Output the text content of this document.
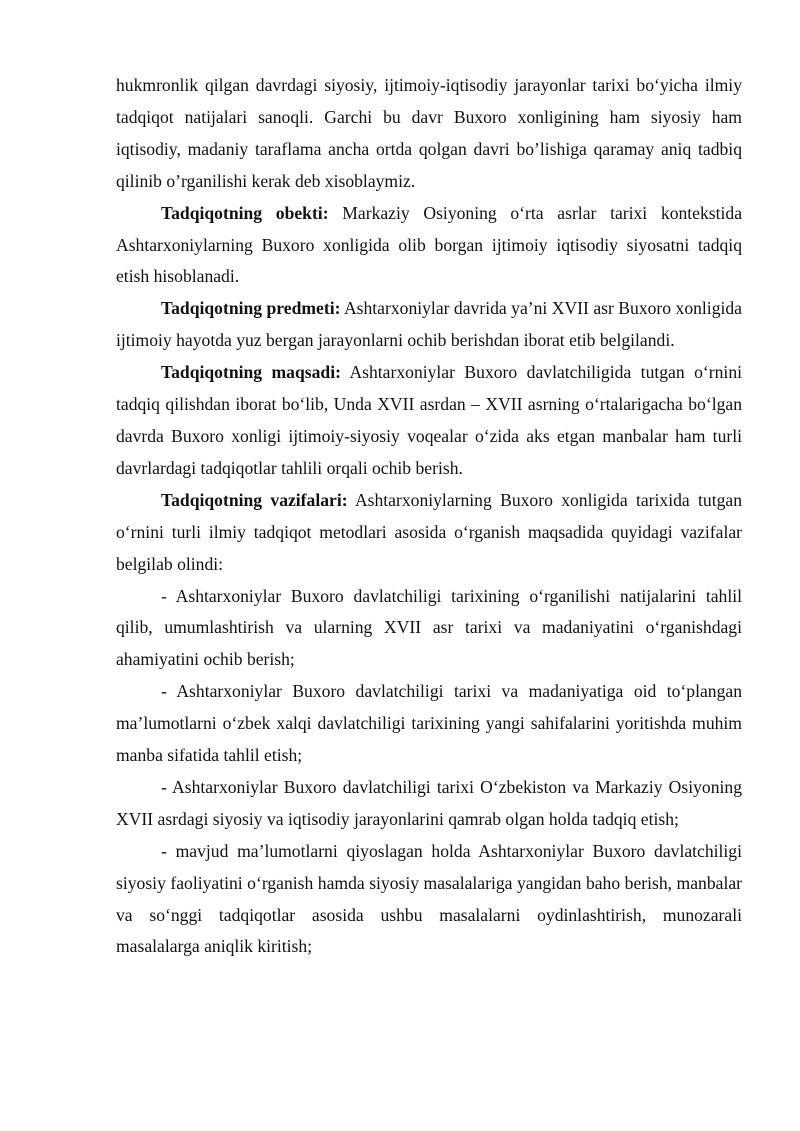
hukmronlik qilgan davrdagi siyosiy, ijtimoiy-iqtisodiy jarayonlar tarixi bo‘yicha ilmiy tadqiqot natijalari sanoqli. Garchi bu davr Buxoro xonligining ham siyosiy ham iqtisodiy, madaniy taraflama ancha ortda qolgan davri bo’lishiga qaramay aniq tadbiq qilinib o’rganilishi kerak deb xisoblaymiz.

Tadqiqotning obekti: Markaziy Osiyoning o‘rta asrlar tarixi kontekstida Ashtarxoniylarning Buxoro xonligida olib borgan ijtimoiy iqtisodiy siyosatni tadqiq etish hisoblanadi.

Tadqiqotning predmeti: Ashtarxoniylar davrida ya’ni XVII asr Buxoro xonligida ijtimoiy hayotda yuz bergan jarayonlarni ochib berishdan iborat etib belgilandi.

Tadqiqotning maqsadi: Ashtarxoniylar Buxoro davlatchiligida tutgan o‘rnini tadqiq qilishdan iborat bo‘lib, Unda XVII asrdan – XVII asrning o‘rtalarigacha bo‘lgan davrda Buxoro xonligi ijtimoiy-siyosiy voqealar o‘zida aks etgan manbalar ham turli davrlardagi tadqiqotlar tahlili orqali ochib berish.

Tadqiqotning vazifalari: Ashtarxoniylarning Buxoro xonligida tarixida tutgan o‘rnini turli ilmiy tadqiqot metodlari asosida o‘rganish maqsadida quyidagi vazifalar belgilab olindi:

- Ashtarxoniylar Buxoro davlatchiligi tarixining o‘rganilishi natijalarini tahlil qilib, umumlashtirish va ularning XVII asr tarixi va madaniyatini o‘rganishdagi ahamiyatini ochib berish;

- Ashtarxoniylar Buxoro davlatchiligi tarixi va madaniyatiga oid to‘plangan ma’lumotlarni o‘zbek xalqi davlatchiligi tarixining yangi sahifalarini yoritishda muhim manba sifatida tahlil etish;

- Ashtarxoniylar Buxoro davlatchiligi tarixi O‘zbekiston va Markaziy Osiyoning XVII asrdagi siyosiy va iqtisodiy jarayonlarini qamrab olgan holda tadqiq etish;

- mavjud ma’lumotlarni qiyoslagan holda Ashtarxoniylar Buxoro davlatchiligi siyosiy faoliyatini o‘rganish hamda siyosiy masalalariga yangidan baho berish, manbalar va so‘nggi tadqiqotlar asosida ushbu masalalarni oydinlashtirish, munozarali masalalarga aniqlik kiritish;
